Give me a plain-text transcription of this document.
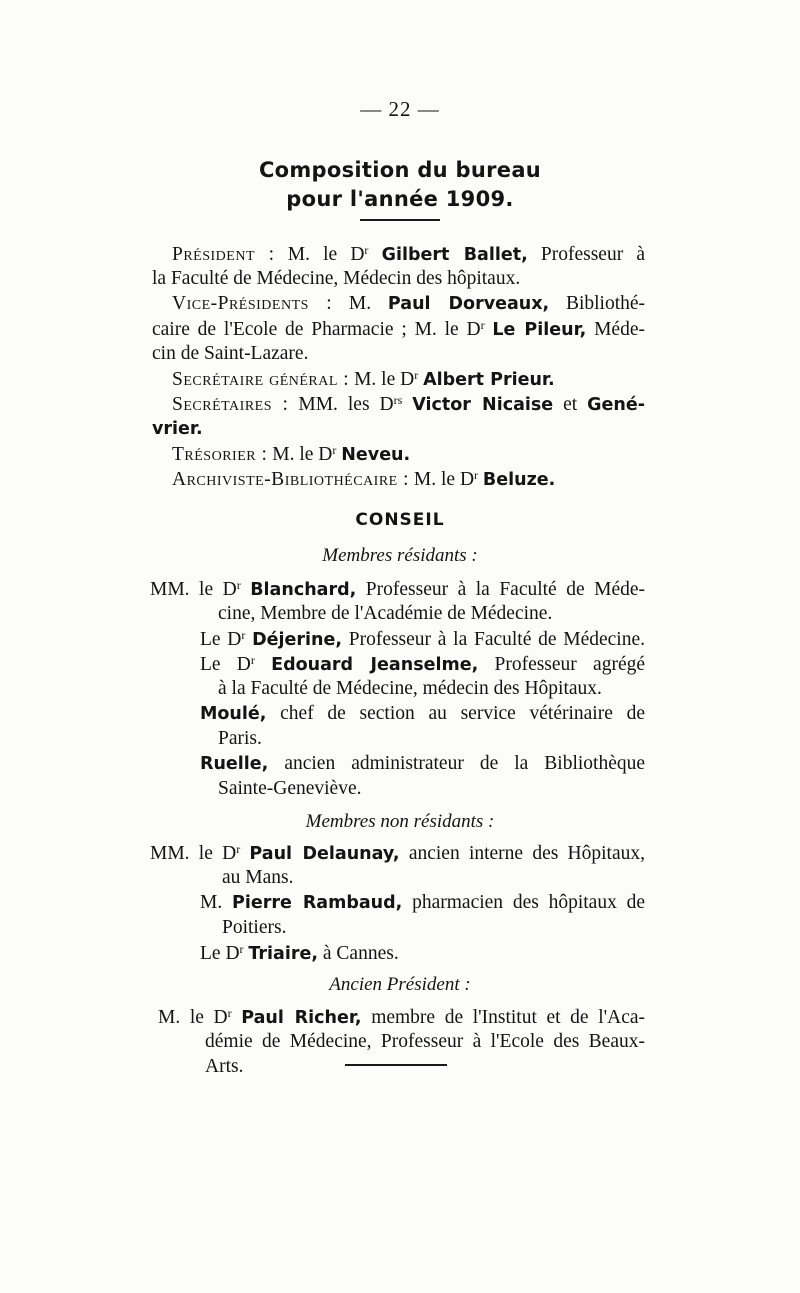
— 22 —
Composition du bureau
pour l'année 1909.
Président : M. le $D^r$ Gilbert Ballet, Professeur à
la Faculté de Médecine, Médecin des hôpitaux.
Vice-Présidents : M. Paul Dorveaux, Bibliothé-
caire de l'Ecole de Pharmacie ; M. le $D^r$ Le Pileur, Méde-
cin de Saint-Lazare.
Secrétaire général : M. le $D^r$ Albert Prieur.
Secrétaires : MM. les $D^{rs}$ Victor Nicaise et Gené-
vrier.
Trésorier : M. le $D^r$ Neveu.
Archiviste-Bibliothécaire : M. le $D^r$ Beluze.
CONSEIL
Membres résidants :
MM. le $D^r$ Blanchard, Professeur à la Faculté de Méde-
cine, Membre de l'Académie de Médecine.
Le $D^r$ Déjerine, Professeur à la Faculté de Médecine.
Le $D^r$ Edouard Jeanselme, Professeur agrégé
à la Faculté de Médecine, médecin des Hôpitaux.
Moulé, chef de section au service vétérinaire de
Paris.
Ruelle, ancien administrateur de la Bibliothèque
Sainte-Geneviève.
Membres non résidants :
MM. le $D^r$ Paul Delaunay, ancien interne des Hôpitaux,
au Mans.
M. Pierre Rambaud, pharmacien des hôpitaux de
Poitiers.
Le $D^r$ Triaire, à Cannes.
Ancien Président :
M. le $D^r$ Paul Richer, membre de l'Institut et de l'Aca-
démie de Médecine, Professeur à l'Ecole des Beaux-
Arts.
